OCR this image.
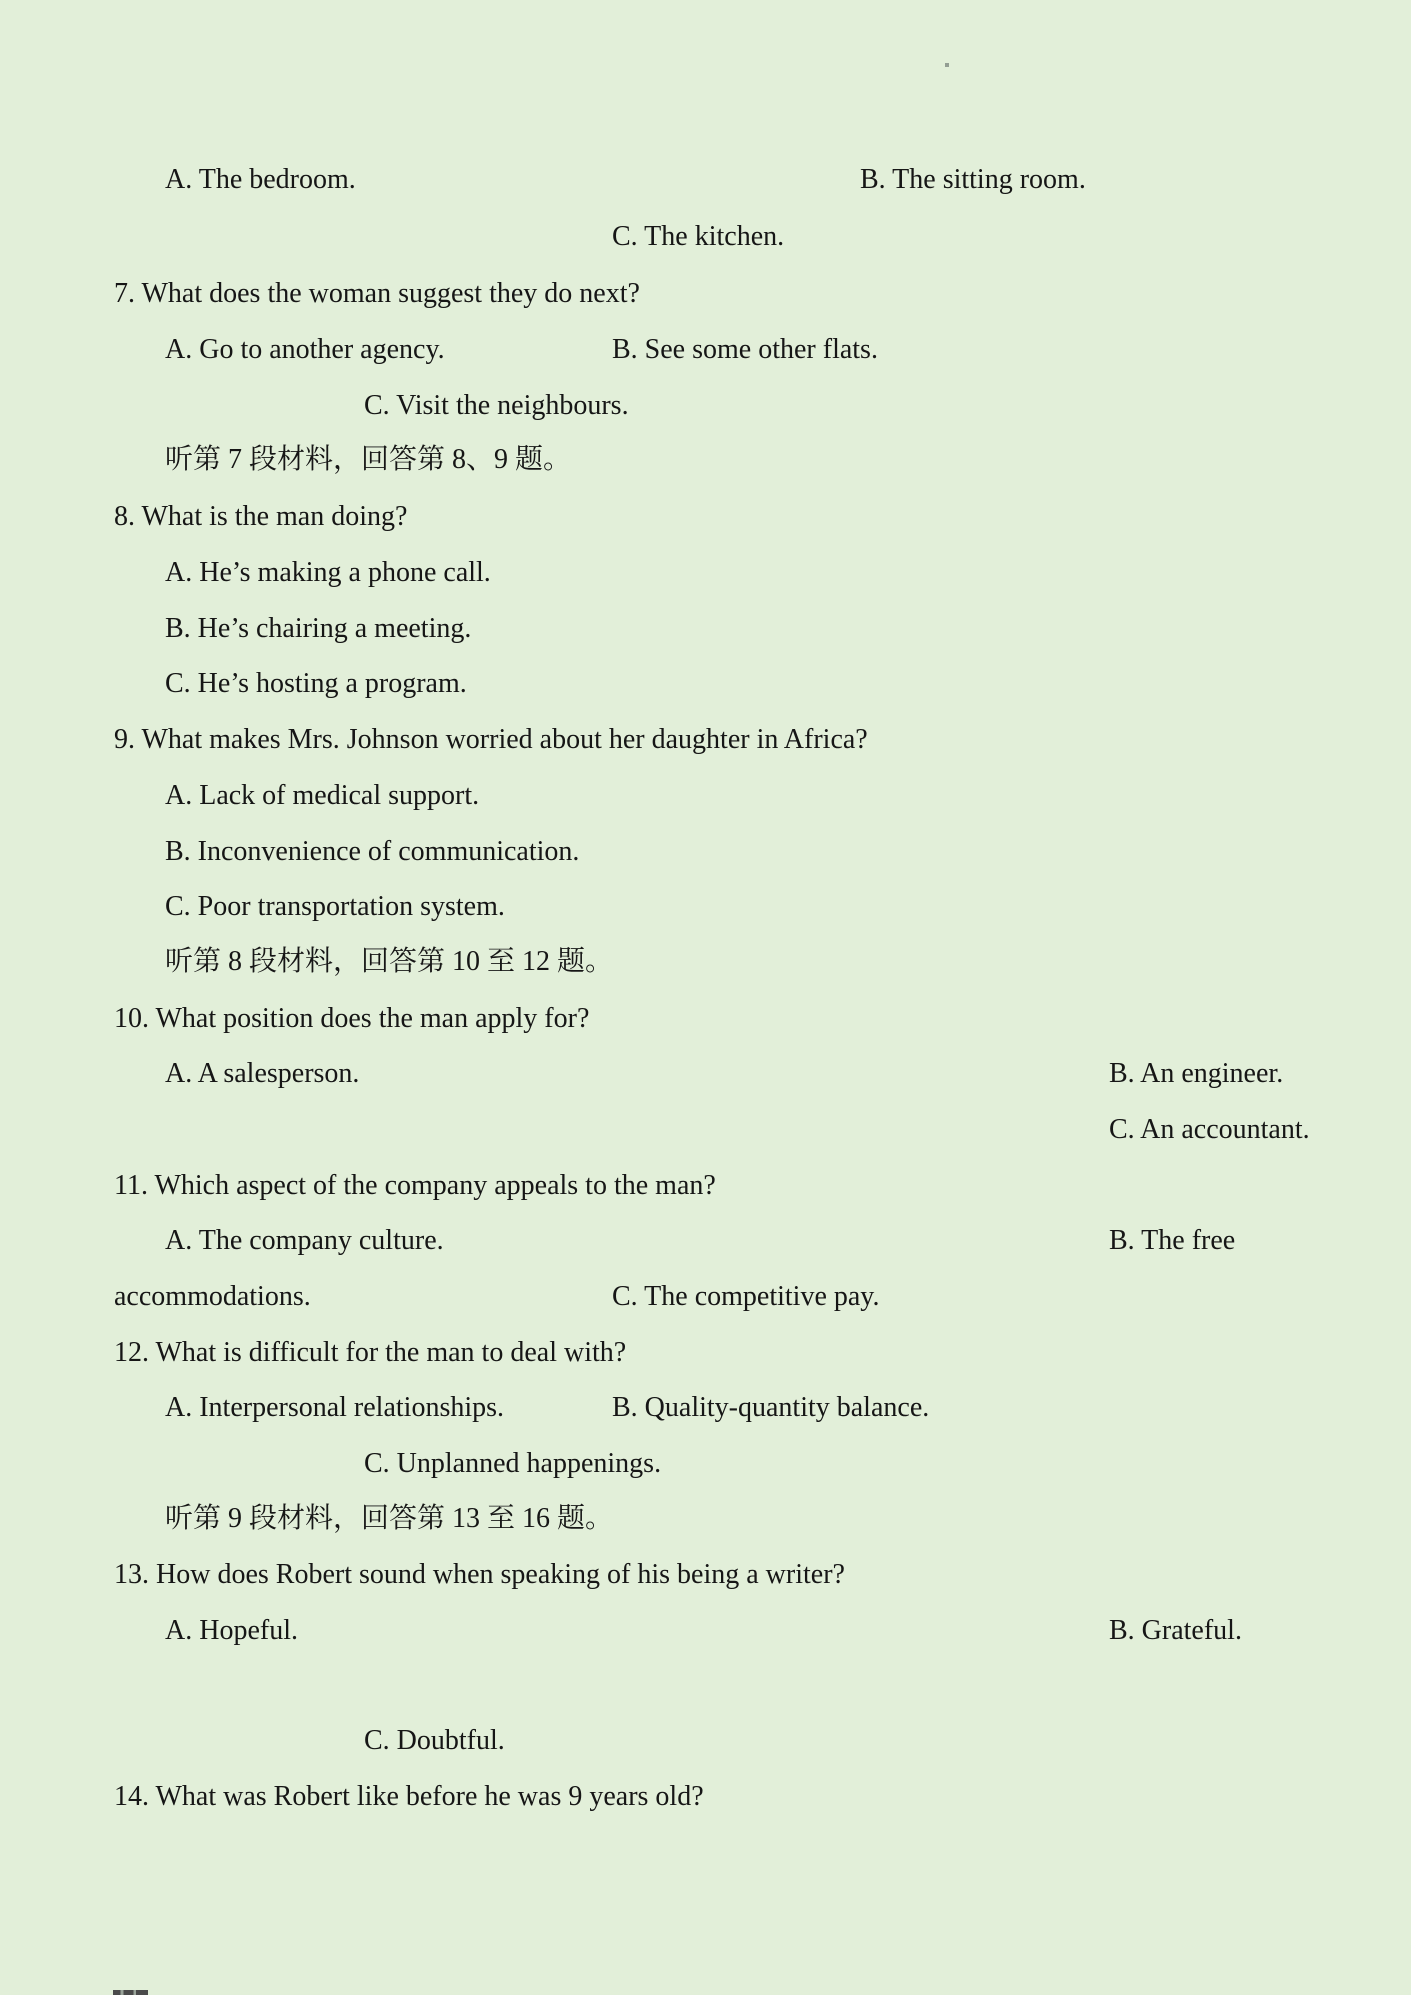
A. The bedroom.	B. The sitting room.
C. The kitchen.
7. What does the woman suggest they do next?
A. Go to another agency.	B. See some other flats.
C. Visit the neighbours.
听第 7 段材料，回答第 8、9 题。
8. What is the man doing?
A. He’s making a phone call.
B. He’s chairing a meeting.
C. He’s hosting a program.
9. What makes Mrs. Johnson worried about her daughter in Africa?
A. Lack of medical support.
B. Inconvenience of communication.
C. Poor transportation system.
听第 8 段材料，回答第 10 至 12 题。
10. What position does the man apply for?
A. A salesperson.	B. An engineer.
C. An accountant.
11. Which aspect of the company appeals to the man?
A. The company culture.	B. The free
accommodations.	C. The competitive pay.
12. What is difficult for the man to deal with?
A. Interpersonal relationships.	B. Quality-quantity balance.
C. Unplanned happenings.
听第 9 段材料，回答第 13 至 16 题。
13. How does Robert sound when speaking of his being a writer?
A. Hopeful.	B. Grateful.
C. Doubtful.
14. What was Robert like before he was 9 years old?
